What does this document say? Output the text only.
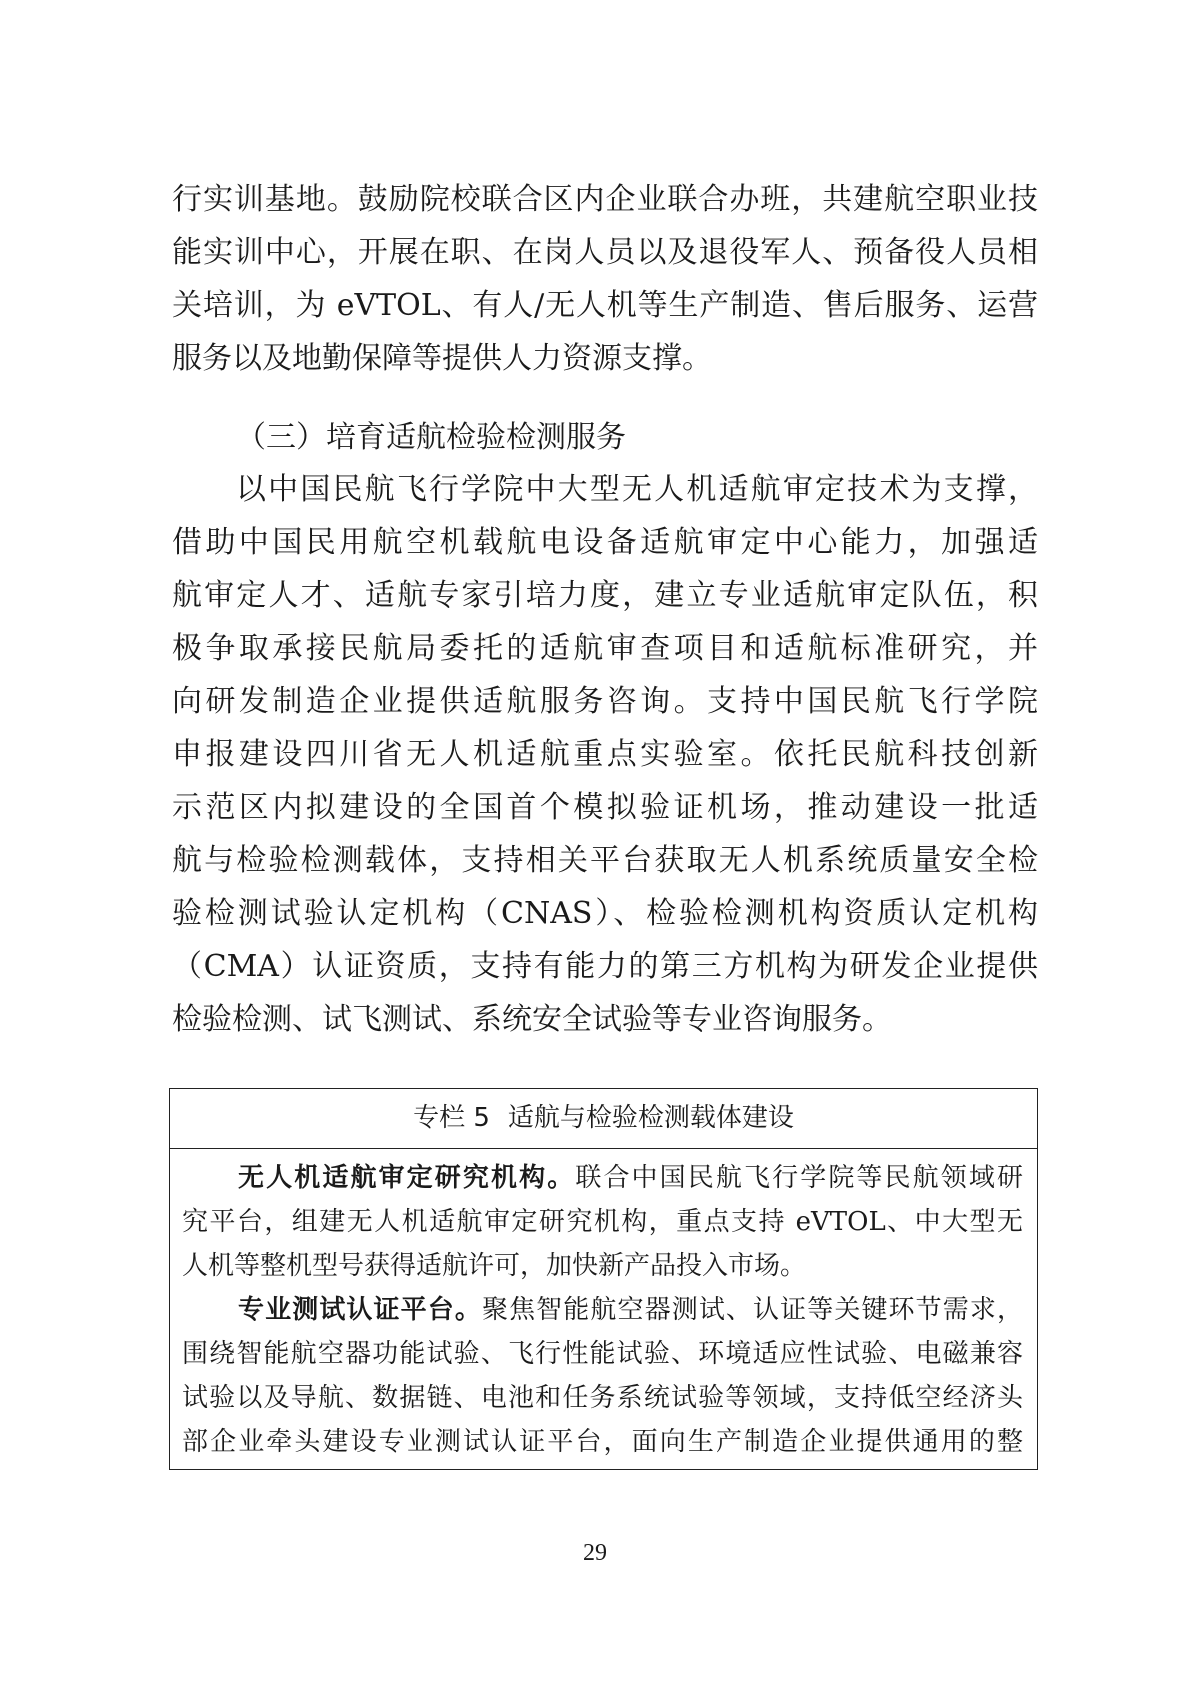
行实训基地。鼓励院校联合区内企业联合办班，共建航空职业技
能实训中心，开展在职、在岗人员以及退役军人、预备役人员相
关培训，为 eVTOL、有人/无人机等生产制造、售后服务、运营
服务以及地勤保障等提供人力资源支撑。
（三）培育适航检验检测服务
以中国民航飞行学院中大型无人机适航审定技术为支撑，
借助中国民用航空机载航电设备适航审定中心能力，加强适
航审定人才、适航专家引培力度，建立专业适航审定队伍，积
极争取承接民航局委托的适航审查项目和适航标准研究，并
向研发制造企业提供适航服务咨询。支持中国民航飞行学院
申报建设四川省无人机适航重点实验室。依托民航科技创新
示范区内拟建设的全国首个模拟验证机场，推动建设一批适
航与检验检测载体，支持相关平台获取无人机系统质量安全检
验检测试验认定机构（CNAS）、检验检测机构资质认定机构
（CMA）认证资质，支持有能力的第三方机构为研发企业提供
检验检测、试飞测试、系统安全试验等专业咨询服务。
专栏 5 适航与检验检测载体建设
无人机适航审定研究机构。联合中国民航飞行学院等民航领域研
究平台，组建无人机适航审定研究机构，重点支持 eVTOL、中大型无
人机等整机型号获得适航许可，加快新产品投入市场。
专业测试认证平台。聚焦智能航空器测试、认证等关键环节需求，
围绕智能航空器功能试验、飞行性能试验、环境适应性试验、电磁兼容
试验以及导航、数据链、电池和任务系统试验等领域，支持低空经济头
部企业牵头建设专业测试认证平台，面向生产制造企业提供通用的整
29
